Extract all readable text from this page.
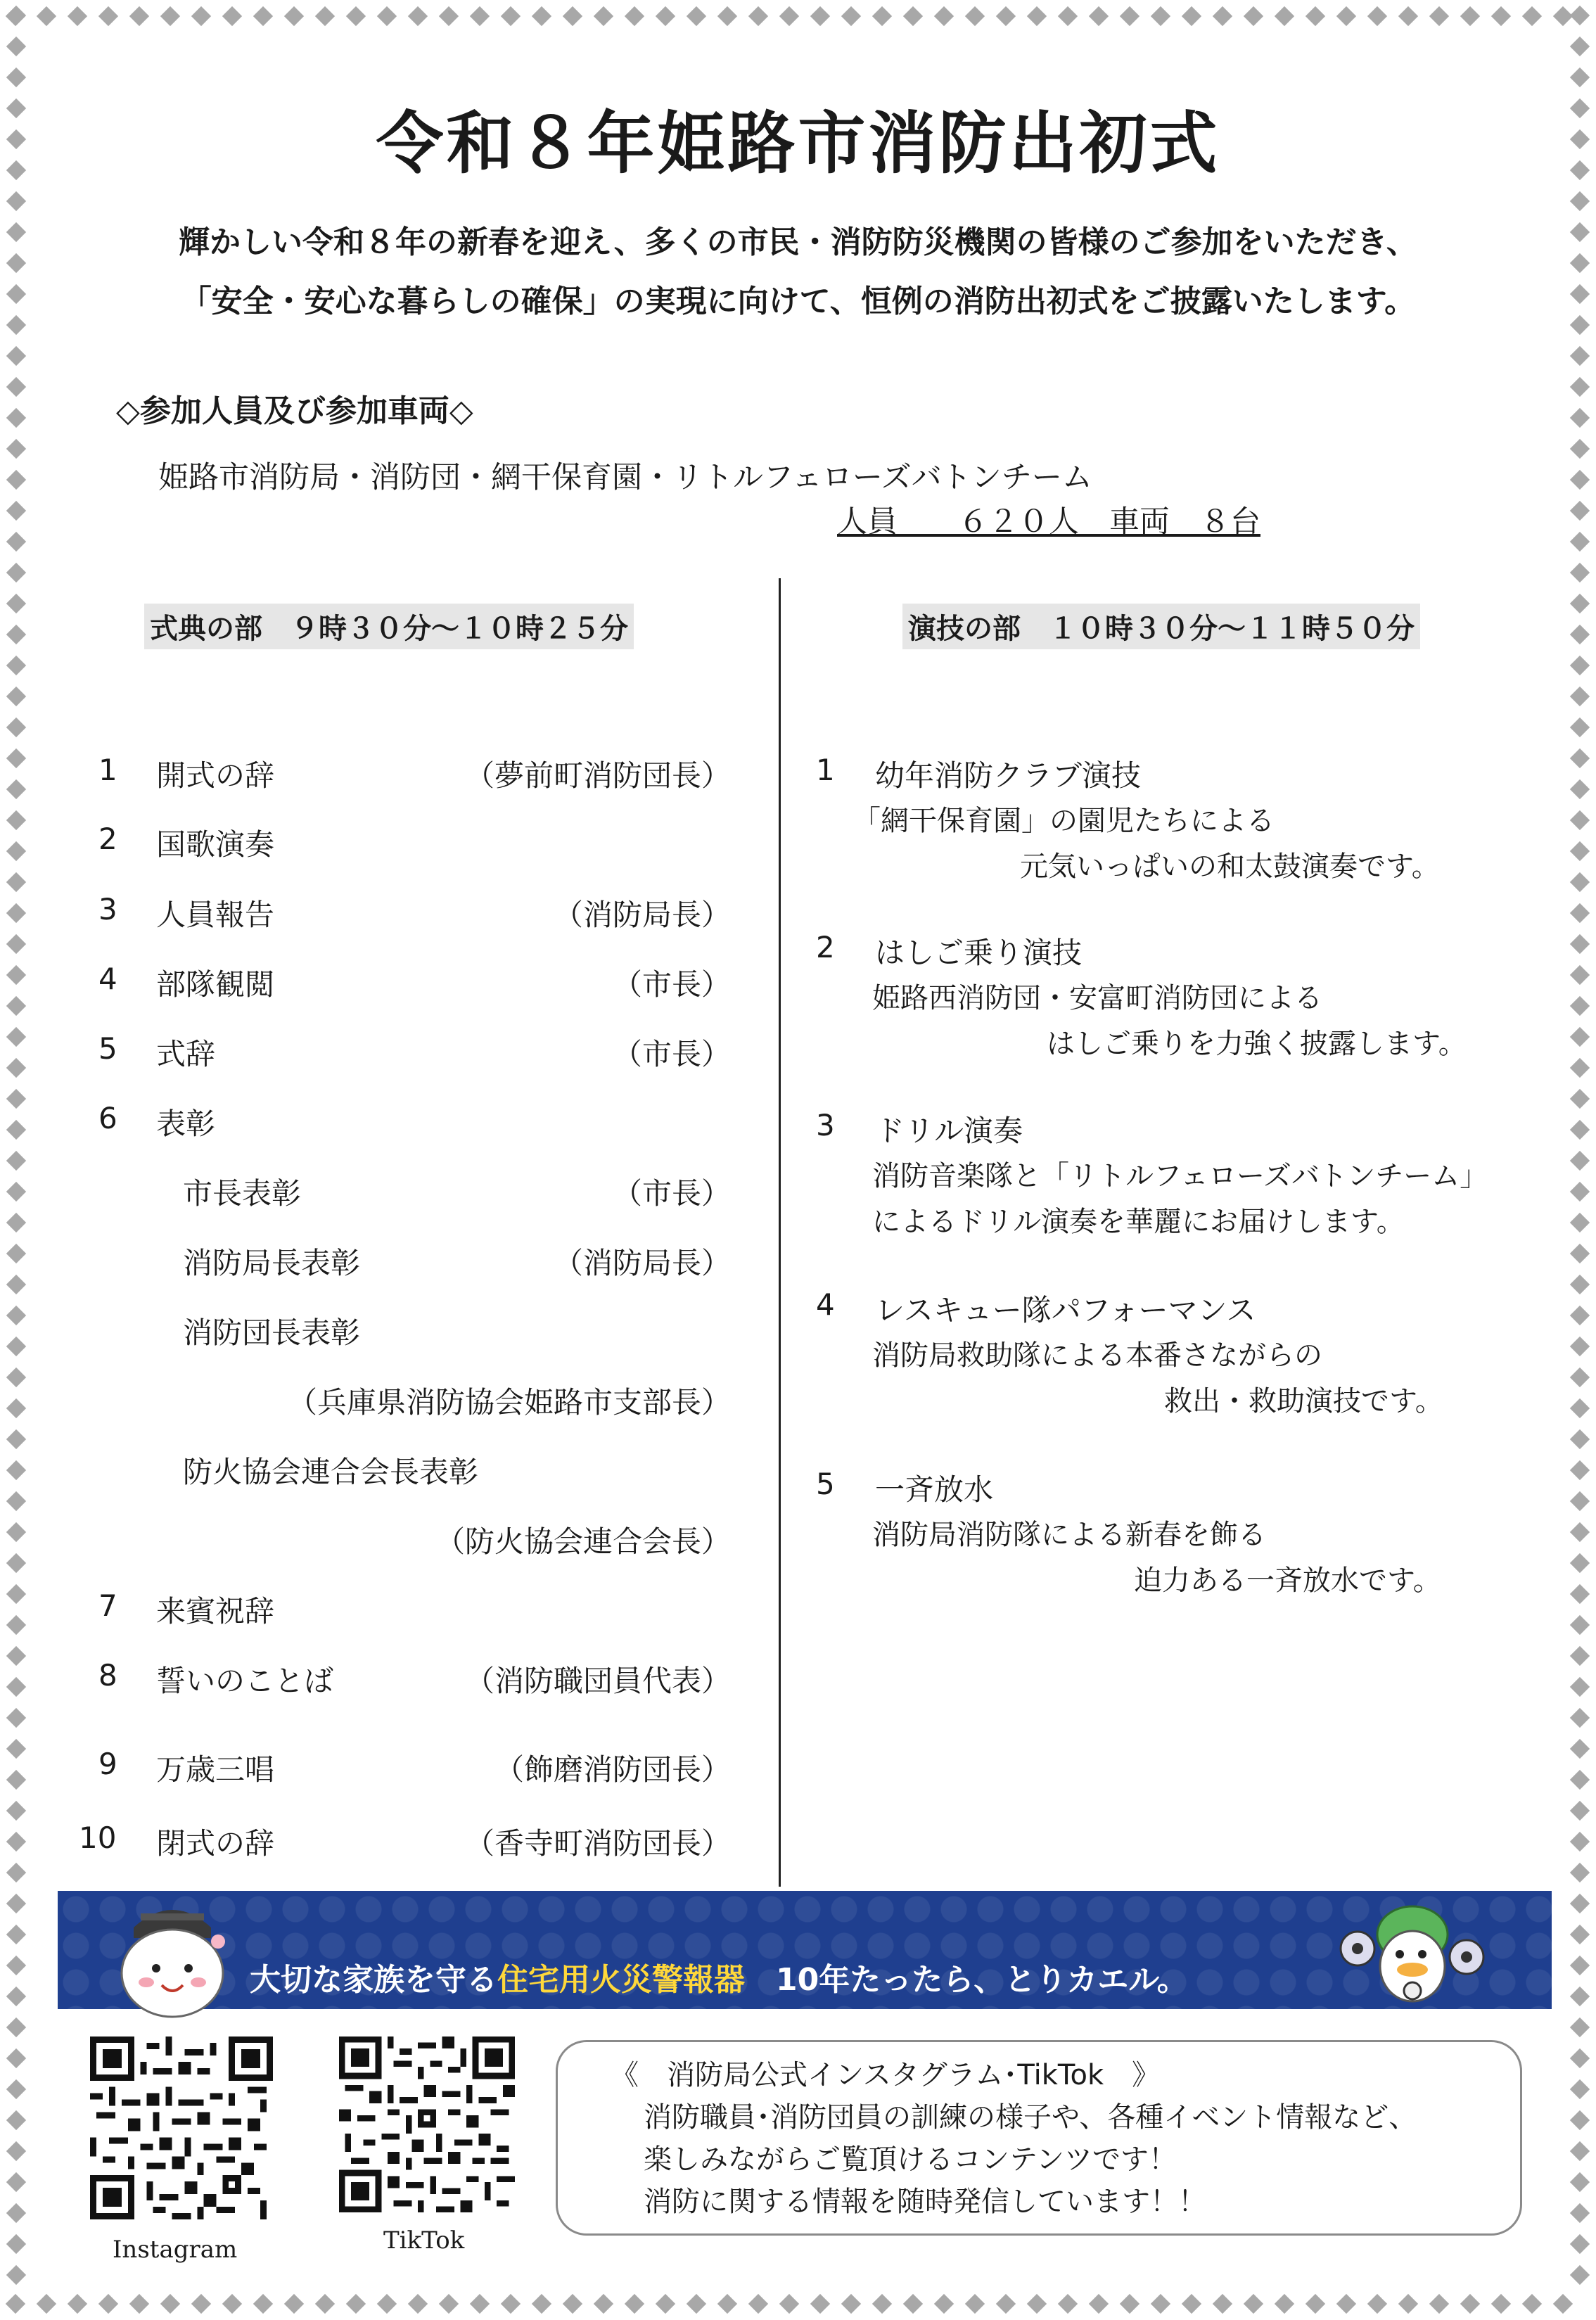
令和８年姫路市消防出初式
輝かしい令和８年の新春を迎え、多くの市民・消防防災機関の皆様のご参加をいただき、
「安全・安心な暮らしの確保」の実現に向けて、恒例の消防出初式をご披露いたします。
◇参加人員及び参加車両◇
姫路市消防局・消防団・網干保育園・リトルフェローズバトンチーム
人員　　６２０人　車両　８台
式典の部　９時３０分～１０時２５分
1 開式の辞	（夢前町消防団長）
2 国歌演奏
3 人員報告	（消防局長）
4 部隊観閲	（市長）
5 式辞	（市長）
6 表彰
市長表彰	（市長）
消防局長表彰	（消防局長）
消防団長表彰
（兵庫県消防協会姫路市支部長）
防火協会連合会長表彰
（防火協会連合会長）
7 来賓祝辞
8 誓いのことば	（消防職団員代表）
9 万歳三唱	（飾磨消防団長）
10 閉式の辞	（香寺町消防団長）
演技の部　１０時３０分～１１時５０分
1 幼年消防クラブ演技
「網干保育園」の園児たちによる
元気いっぱいの和太鼓演奏です。
2 はしご乗り演技
姫路西消防団・安富町消防団による
はしご乗りを力強く披露します。
3 ドリル演奏
消防音楽隊と「リトルフェローズバトンチーム」
によるドリル演奏を華麗にお届けします。
4 レスキュー隊パフォーマンス
消防局救助隊による本番さながらの
救出・救助演技です。
5 一斉放水
消防局消防隊による新春を飾る
迫力ある一斉放水です。
大切な家族を守る住宅用火災警報器　10年たったら、とりカエル。
Instagram	TikTok
《　消防局公式インスタグラム･TikTok　》
消防職員･消防団員の訓練の様子や、各種イベント情報など、
楽しみながらご覧頂けるコンテンツです！
消防に関する情報を随時発信しています！！
